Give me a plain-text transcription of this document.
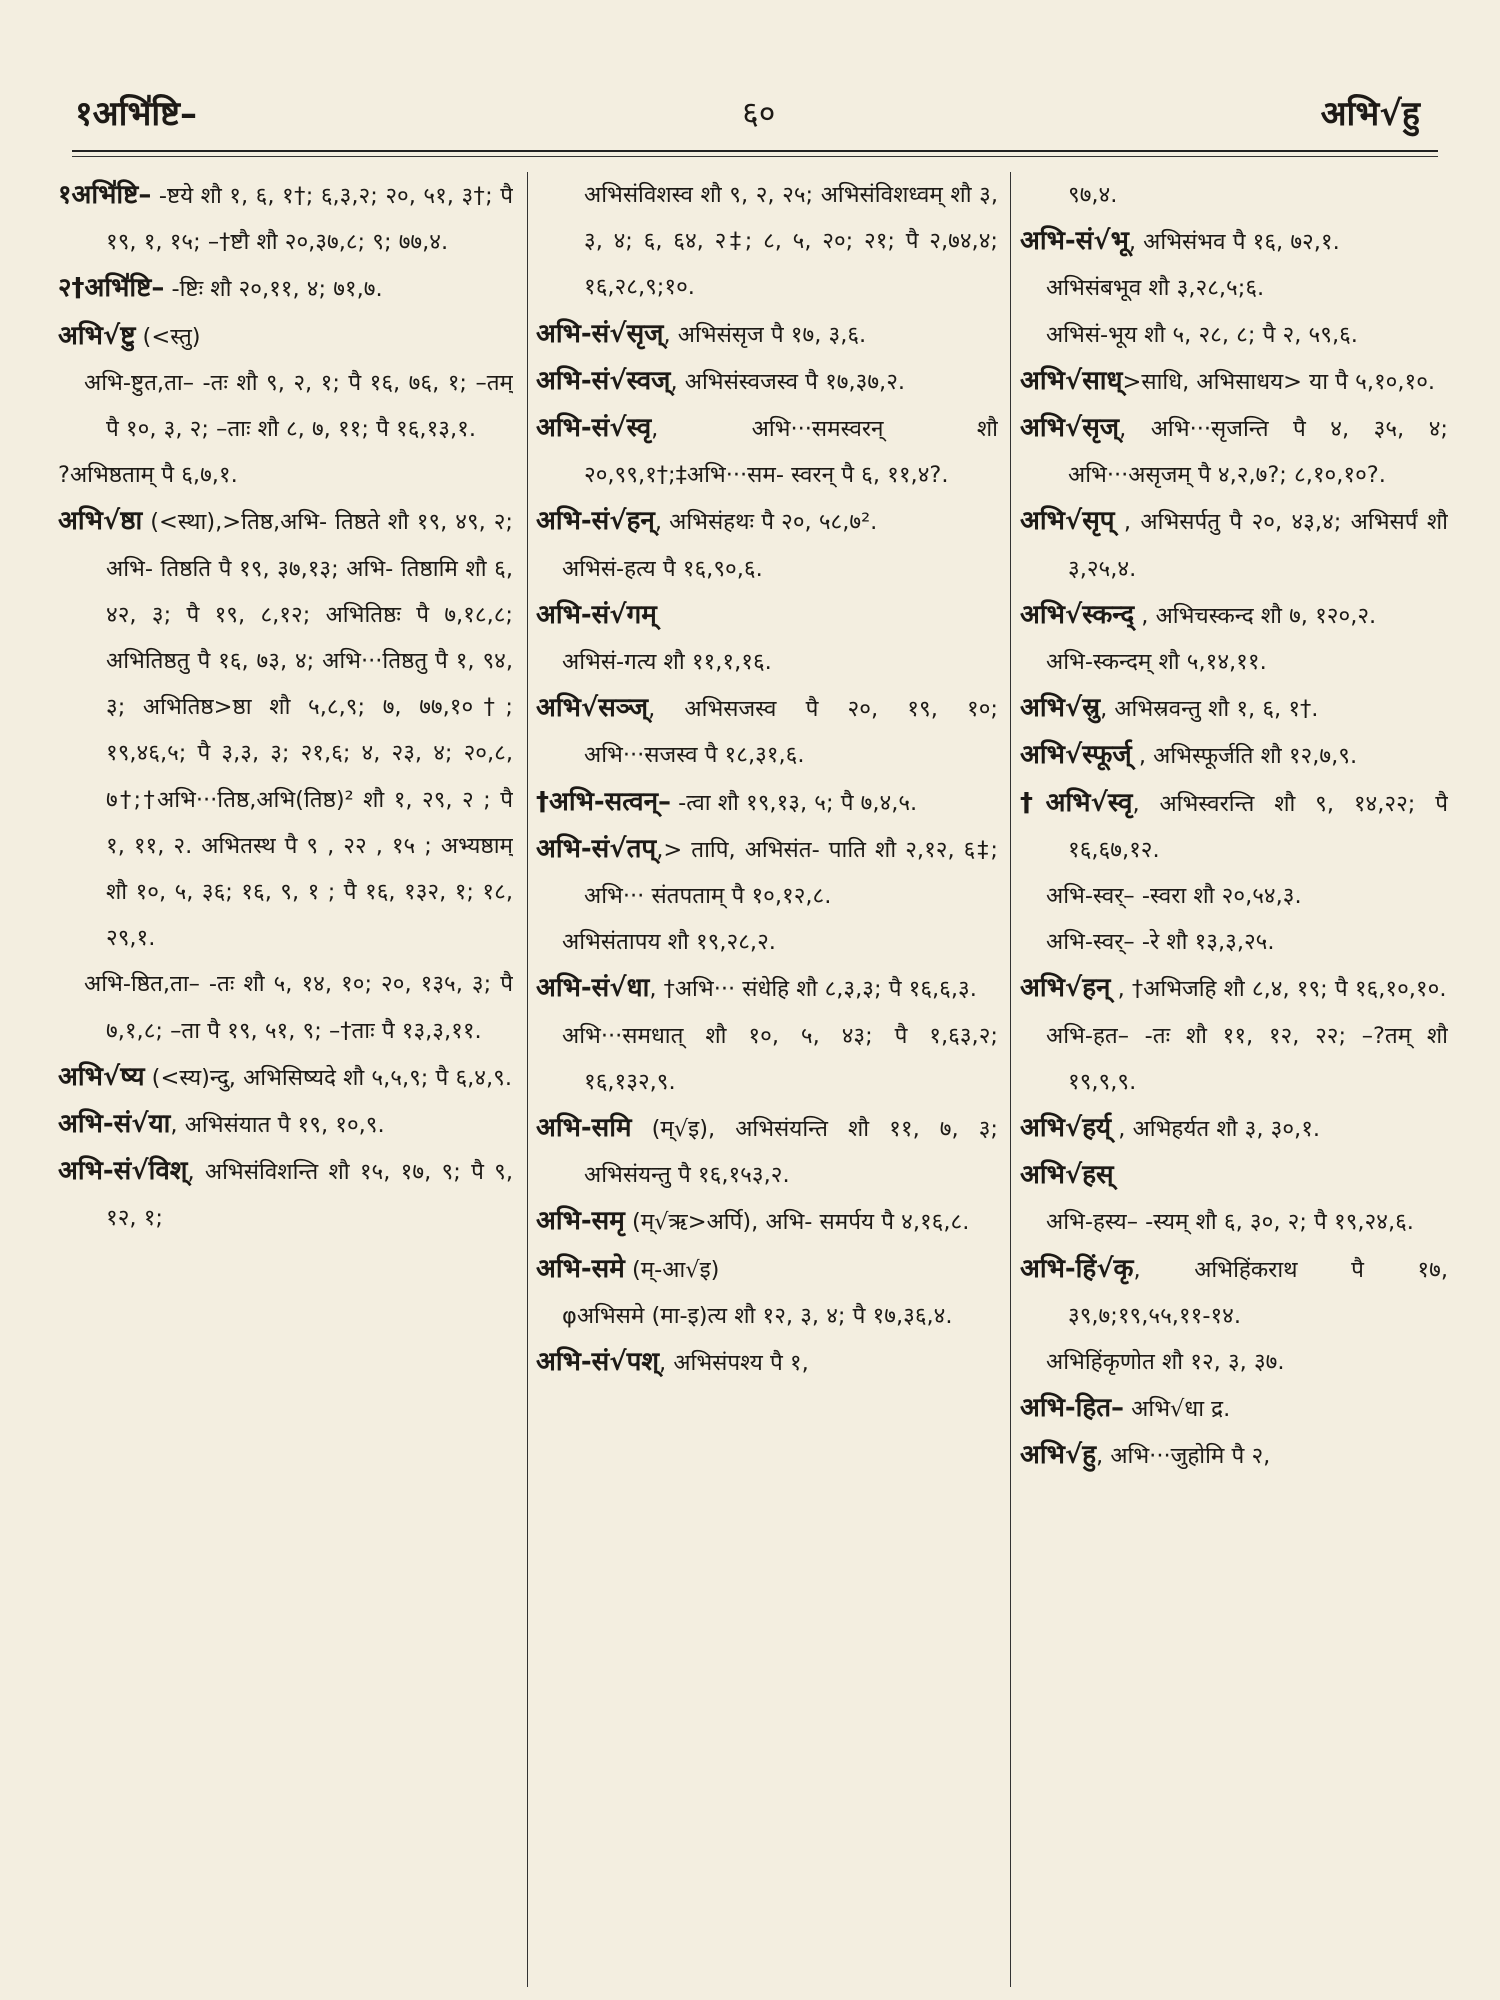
१अभि॑ष्टि–	६०	अभि√हु
१अभि॑ष्टि– -ष्टये शौ १, ६, १†; ६,३,२; २०, ५१, ३†; पै १९, १, १५; –†ष्टौ शौ २०,३७,८; ९; ७७,४.
२†अभि॑ष्टि– -ष्टिः शौ २०,११, ४; ७१,७.
अभि√ष्टु (<स्तु)
अभि-ष्टुत,ता– -तः शौ ९, २, १; पै १६, ७६, १; –तम् पै १०, ३, २; –ताः शौ ८, ७, ११; पै १६,१३,१.
?अभिष्ठताम् पै ६,७,१.
अभि√ष्ठा (<स्था),>तिष्ठ,अभि- तिष्ठते शौ १९, ४९, २; अभि- तिष्ठति पै १९, ३७,१३; अभि- तिष्ठामि शौ ६, ४२, ३; पै १९, ८,१२; अभितिष्ठः पै ७,१८,८; अभितिष्ठतु पै १६, ७३, ४; अभि···तिष्ठतु पै १, ९४, ३; अभितिष्ठ>ष्ठा शौ ५,८,९; ७, ७७,१०†; १९,४६,५; पै ३,३, ३; २१,६; ४, २३, ४; २०,८, ७†;†अभि···तिष्ठ,अभि(तिष्ठ)² शौ १, २९, २ ; पै १, ११, २. अभितस्थ पै ९ , २२ , १५ ; अभ्यष्ठाम् शौ १०, ५, ३६; १६, ९, १ ; पै १६, १३२, १; १८, २९,१.
अभि-ष्ठित,ता– -तः शौ ५, १४, १०; २०, १३५, ३; पै ७,१,८; –ता पै १९, ५१, ९; –†ताः पै १३,३,११.
अभि√ष्य (<स्य)न्दु, अभिसिष्यदे शौ ५,५,९; पै ६,४,९.
अभि-सं√या, अभिसंयात पै १९, १०,९.
अभि-सं√विश्, अभिसंविशन्ति शौ १५, १७, ९; पै ९, १२, १;
अभिसंविशस्व शौ ९, २, २५; अभिसंविशध्वम् शौ ३, ३, ४; ६, ६४, २‡; ८, ५, २०; २१; पै २,७४,४; १६,२८,९;१०.
अभि-सं√सृज्, अभिसंसृज पै १७, ३,६.
अभि-सं√स्वज्, अभिसंस्वजस्व पै १७,३७,२.
अभि-सं√स्वृ, अभि···समस्वरन् शौ २०,९९,१†;‡अभि···सम- स्वरन् पै ६, ११,४?.
अभि-सं√हन्, अभिसंहथः पै २०, ५८,७².
अभिसं-हत्य पै १६,९०,६.
अभि-सं√गम्
अभिसं-गत्य शौ ११,१,१६.
अभि√सञ्ज्, अभिसजस्व पै २०, १९, १०; अभि···सजस्व पै १८,३१,६.
†अभि-सत्वन्– -त्वा शौ १९,१३, ५; पै ७,४,५.
अभि-सं√तप्,> तापि, अभिसंत- पाति शौ २,१२, ६‡; अभि··· संतपताम् पै १०,१२,८.
अभिसंतापय शौ १९,२८,२.
अभि-सं√धा, †अभि··· संधेहि शौ ८,३,३; पै १६,६,३.
अभि···समधात् शौ १०, ५, ४३; पै १,६३,२; १६,१३२,९.
अभि-समि (म्√इ), अभिसंयन्ति शौ ११, ७, ३; अभिसंयन्तु पै १६,१५३,२.
अभि-समृ (म्√ऋ>अर्पि), अभि- समर्पय पै ४,१६,८.
अभि-समे (म्-आ√इ)
φअभिसमे (मा-इ)त्य शौ १२, ३, ४; पै १७,३६,४.
अभि-सं√पश्, अभिसंपश्य पै १,
९७,४.
अभि-सं√भू, अभिसंभव पै १६, ७२,१.
अभिसंबभूव शौ ३,२८,५;६.
अभिसं-भूय शौ ५, २८, ८; पै २, ५९,६.
अभि√साध्>साधि, अभिसाधय> या पै ५,१०,१०.
अभि√सृज्, अभि···सृजन्ति पै ४, ३५, ४; अभि···असृजम् पै ४,२,७?; ८,१०,१०?.
अभि√सृप् , अभिसर्पतु पै २०, ४३,४; अभिसर्पं शौ ३,२५,४.
अभि√स्कन्द् , अभिचस्कन्द शौ ७, १२०,२.
अभि-स्कन्दम् शौ ५,१४,११.
अभि√स्रु, अभिस्रवन्तु शौ १, ६, १†.
अभि√स्फूर्ज् , अभिस्फूर्जति शौ १२,७,९.
†अभि√स्वृ, अभिस्वरन्ति शौ ९, १४,२२; पै १६,६७,१२.
अभि-स्वर्– -स्वरा शौ २०,५४,३.
अभि-स्वर्– -रे शौ १३,३,२५.
अभि√हन् , †अभिजहि शौ ८,४, १९; पै १६,१०,१०.
अभि-हत– -तः शौ ११, १२, २२; –?तम् शौ १९,९,९.
अभि√हर्य् , अभिहर्यत शौ ३, ३०,१.
अभि√हस्
अभि-हस्य– -स्यम् शौ ६, ३०, २; पै १९,२४,६.
अभि-हिं√कृ, अभिहिंकराथ पै १७, ३९,७;१९,५५,११-१४.
अभिहिंकृणोत शौ १२, ३, ३७.
अभि-हित– अभि√धा द्र.
अभि√हु, अभि···जुहोमि पै २,
